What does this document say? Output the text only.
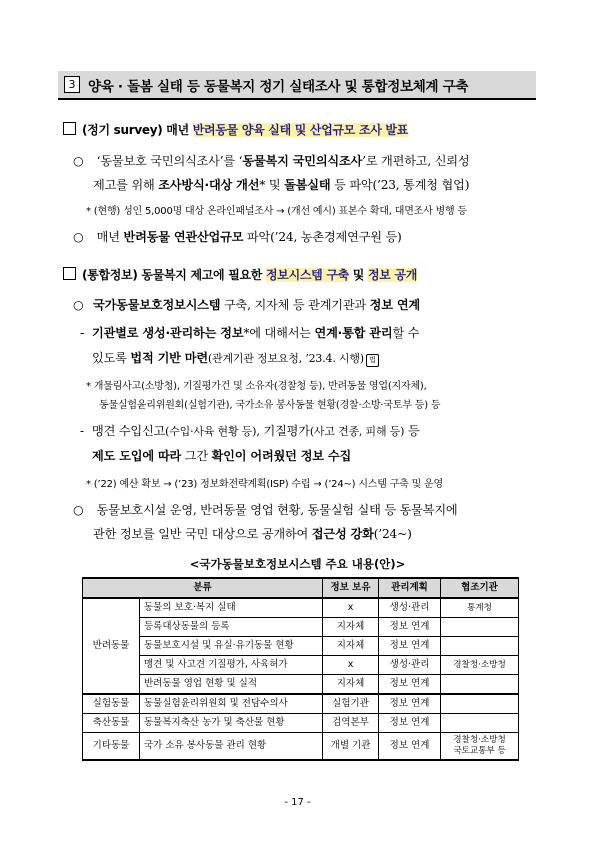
3 양육 · 돌봄 실태 등 동물복지 정기 실태조사 및 통합정보체계 구축
(정기 survey) 매년 반려동물 양육 실태 및 산업규모 조사 발표
○ ‘동물보호 국민의식조사’를 ‘동물복지 국민의식조사’로 개편하고, 신뢰성
제고를 위해 조사방식·대상 개선* 및 돌봄실태 등 파악(’23, 통계청 협업)
* (현행) 성인 5,000명 대상 온라인패널조사 → (개선 예시) 표본수 확대, 대면조사 병행 등
○ 매년 반려동물 연관산업규모 파악(’24, 농촌경제연구원 등)
(통합정보) 동물복지 제고에 필요한 정보시스템 구축 및 정보 공개
○ 국가동물보호정보시스템 구축, 지자체 등 관계기관과 정보 연계
- 기관별로 생성·관리하는 정보*에 대해서는 연계·통합 관리할 수
있도록 법적 기반 마련(관계기관 정보요청, ’23.4. 시행) 법
* 개물림사고(소방청), 기질평가건 및 소유자(경찰청 등), 반려동물 영업(지자체),
동물실험윤리위원회(실험기관), 국가소유 봉사동물 현황(경찰·소방·국토부 등) 등
- 맹견 수입신고(수입·사육 현황 등), 기질평가(사고 견종, 피해 등) 등
제도 도입에 따라 그간 확인이 어려웠던 정보 수집
* (’22) 예산 확보 → (’23) 정보화전략계획(ISP) 수립 → (’24~) 시스템 구축 및 운영
○ 동물보호시설 운영, 반려동물 영업 현황, 동물실험 실태 등 동물복지에
관한 정보를 일반 국민 대상으로 공개하여 접근성 강화(’24~)
<국가동물보호정보시스템 주요 내용(안)>
분류		정보 보유	관리계획	협조기관
반려동물	동물의 보호·복지 실태	x	생성·관리	통계청
	등록대상동물의 등록	지자체	정보 연계	
	동물보호시설 및 유실·유기동물 현황	지자체	정보 연계	
	맹견 및 사고견 기질평가, 사육허가	x	생성·관리	경찰청·소방청
	반려동물 영업 현황 및 실적	지자체	정보 연계	
실험동물	동물실험윤리위원회 및 전담수의사	실험기관	정보 연계	
축산동물	동물복지축산 농가 및 축산물 현황	검역본부	정보 연계	
기타동물	국가 소유 봉사동물 관리 현황	개별 기관	정보 연계	경찰청·소방청
국토교통부 등
- 17 -
